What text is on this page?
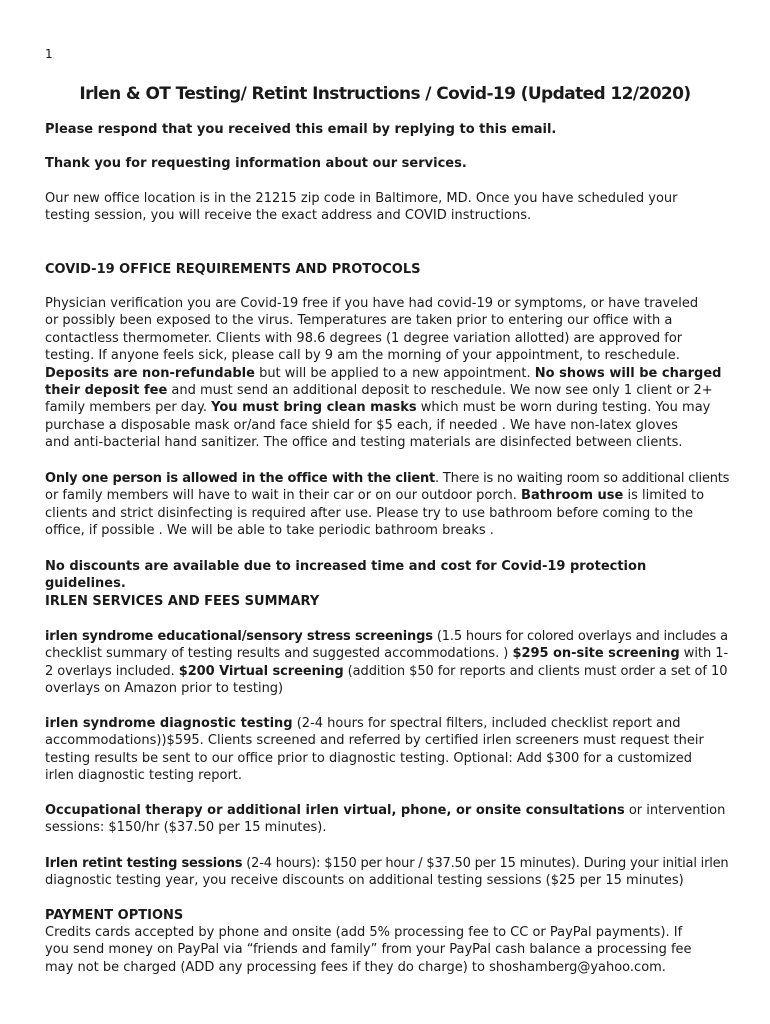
1
Irlen & OT Testing/ Retint Instructions / Covid-19 (Updated 12/2020)
Please respond that you received this email by replying to this email.
Thank you for requesting information about our services.
Our new office location is in the 21215 zip code in Baltimore, MD. Once you have scheduled your
testing session, you will receive the exact address and COVID instructions.
COVID-19 OFFICE REQUIREMENTS AND PROTOCOLS
Physician verification you are Covid-19 free if you have had covid-19 or symptoms, or have traveled
or possibly been exposed to the virus. Temperatures are taken prior to entering our office with a
contactless thermometer. Clients with 98.6 degrees (1 degree variation allotted) are approved for
testing. If anyone feels sick, please call by 9 am the morning of your appointment, to reschedule.
Deposits are non-refundable but will be applied to a new appointment. No shows will be charged
their deposit fee and must send an additional deposit to reschedule. We now see only 1 client or 2+
family members per day. You must bring clean masks which must be worn during testing. You may
purchase a disposable mask or/and face shield for $5 each, if needed . We have non-latex gloves
and anti-bacterial hand sanitizer. The office and testing materials are disinfected between clients.
Only one person is allowed in the office with the client. There is no waiting room so additional clients
or family members will have to wait in their car or on our outdoor porch. Bathroom use is limited to
clients and strict disinfecting is required after use. Please try to use bathroom before coming to the
office, if possible . We will be able to take periodic bathroom breaks .
No discounts are available due to increased time and cost for Covid-19 protection guidelines.
IRLEN SERVICES AND FEES SUMMARY
irlen syndrome educational/sensory stress screenings (1.5 hours for colored overlays and includes a
checklist summary of testing results and suggested accommodations. ) $295 on-site screening with 1-
2 overlays included. $200 Virtual screening (addition $50 for reports and clients must order a set of 10
overlays on Amazon prior to testing)
irlen syndrome diagnostic testing (2-4 hours for spectral filters, included checklist report and
accommodations))$595. Clients screened and referred by certified irlen screeners must request their
testing results be sent to our office prior to diagnostic testing. Optional: Add $300 for a customized
irlen diagnostic testing report.
Occupational therapy or additional irlen virtual, phone, or onsite consultations or intervention
sessions: $150/hr ($37.50 per 15 minutes).
Irlen retint testing sessions (2-4 hours): $150 per hour / $37.50 per 15 minutes). During your initial irlen
diagnostic testing year, you receive discounts on additional testing sessions ($25 per 15 minutes)
PAYMENT OPTIONS
Credits cards accepted by phone and onsite (add 5% processing fee to CC or PayPal payments). If
you send money on PayPal via “friends and family” from your PayPal cash balance a processing fee
may not be charged (ADD any processing fees if they do charge) to shoshamberg@yahoo.com.
